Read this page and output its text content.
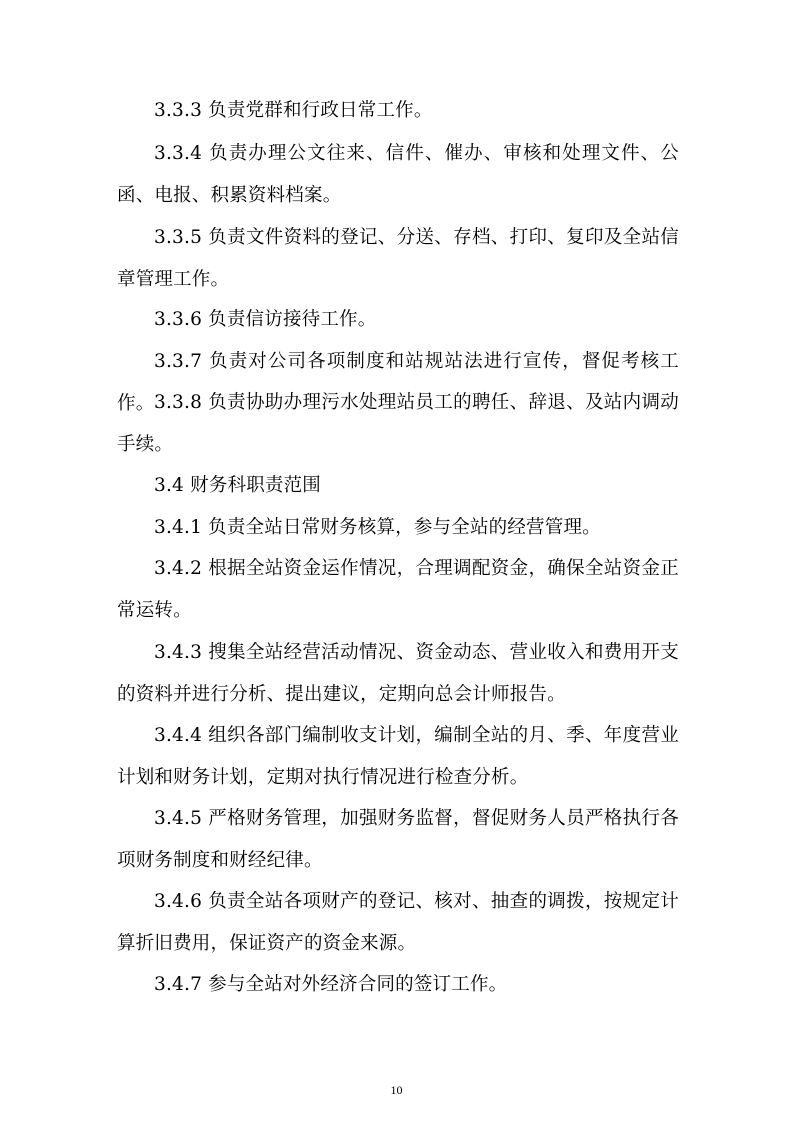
3.3.3 负责党群和行政日常工作。

3.3.4 负责办理公文往来、信件、催办、审核和处理文件、公函、电报、积累资料档案。

3.3.5 负责文件资料的登记、分送、存档、打印、复印及全站信章管理工作。

3.3.6 负责信访接待工作。

3.3.7 负责对公司各项制度和站规站法进行宣传，督促考核工作。 3.3.8 负责协助办理污水处理站员工的聘任、辞退、及站内调动手续。

3.4 财务科职责范围

3.4.1 负责全站日常财务核算，参与全站的经营管理。

3.4.2 根据全站资金运作情况，合理调配资金，确保全站资金正常运转。

3.4.3 搜集全站经营活动情况、资金动态、营业收入和费用开支的资料并进行分析、提出建议，定期向总会计师报告。

3.4.4 组织各部门编制收支计划，编制全站的月、季、年度营业计划和财务计划，定期对执行情况进行检查分析。

3.4.5 严格财务管理，加强财务监督，督促财务人员严格执行各项财务制度和财经纪律。

3.4.6 负责全站各项财产的登记、核对、抽查的调拨，按规定计算折旧费用，保证资产的资金来源。

3.4.7 参与全站对外经济合同的签订工作。

10
